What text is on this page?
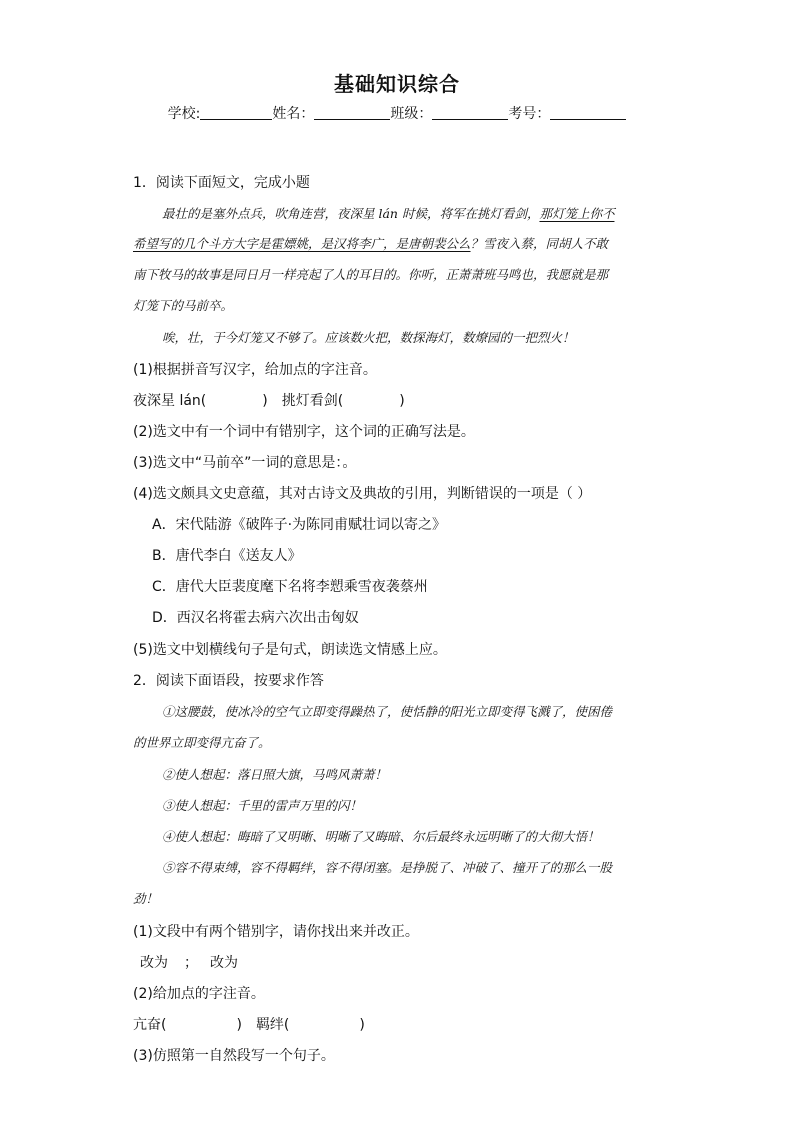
基础知识综合
学校:	姓名：	班级：	考号：
1．阅读下面短文，完成小题
最壮的是塞外点兵，吹角连营，夜深星 lán 时候，将军在挑灯看剑，那灯笼上你不
希望写的几个斗方大字是霍嫖姚，是汉将李广，是唐朝裴公么？雪夜入蔡，同胡人不敢
南下牧马的故事是同日月一样亮起了人的耳目的。你听，正萧萧班马鸣也，我愿就是那
灯笼下的马前卒。
唉，壮，于今灯笼又不够了。应该数火把，数探海灯，数燎园的一把烈火！
(1)根据拼音写汉字，给加点的字注音。
夜深星 lán(	) 挑灯看剑(	)
(2)选文中有一个词中有错别字，这个词的正确写法是。
(3)选文中“马前卒”一词的意思是：。
(4)选文颇具文史意蕴，其对古诗文及典故的引用，判断错误的一项是（ ）
A．宋代陆游《破阵子·为陈同甫赋壮词以寄之》
B．唐代李白《送友人》
C．唐代大臣裴度麾下名将李愬乘雪夜袭蔡州
D．西汉名将霍去病六次出击匈奴
(5)选文中划横线句子是句式，朗读选文情感上应。
2．阅读下面语段，按要求作答
①这腰鼓，使冰冷的空气立即变得躁热了，使恬静的阳光立即变得飞溅了，使困倦
的世界立即变得亢奋了。
②使人想起：落日照大旗，马鸣风萧萧！
③使人想起：千里的雷声万里的闪！
④使人想起：晦暗了又明晰、明晰了又晦暗、尔后最终永远明晰了的大彻大悟！
⑤容不得束缚，容不得羁绊，容不得闭塞。是挣脱了、冲破了、撞开了的那么一股
劲！
(1)文段中有两个错别字，请你找出来并改正。
改为 ； 改为
(2)给加点的字注音。
亢奋(	) 羁绊(	)
(3)仿照第一自然段写一个句子。
